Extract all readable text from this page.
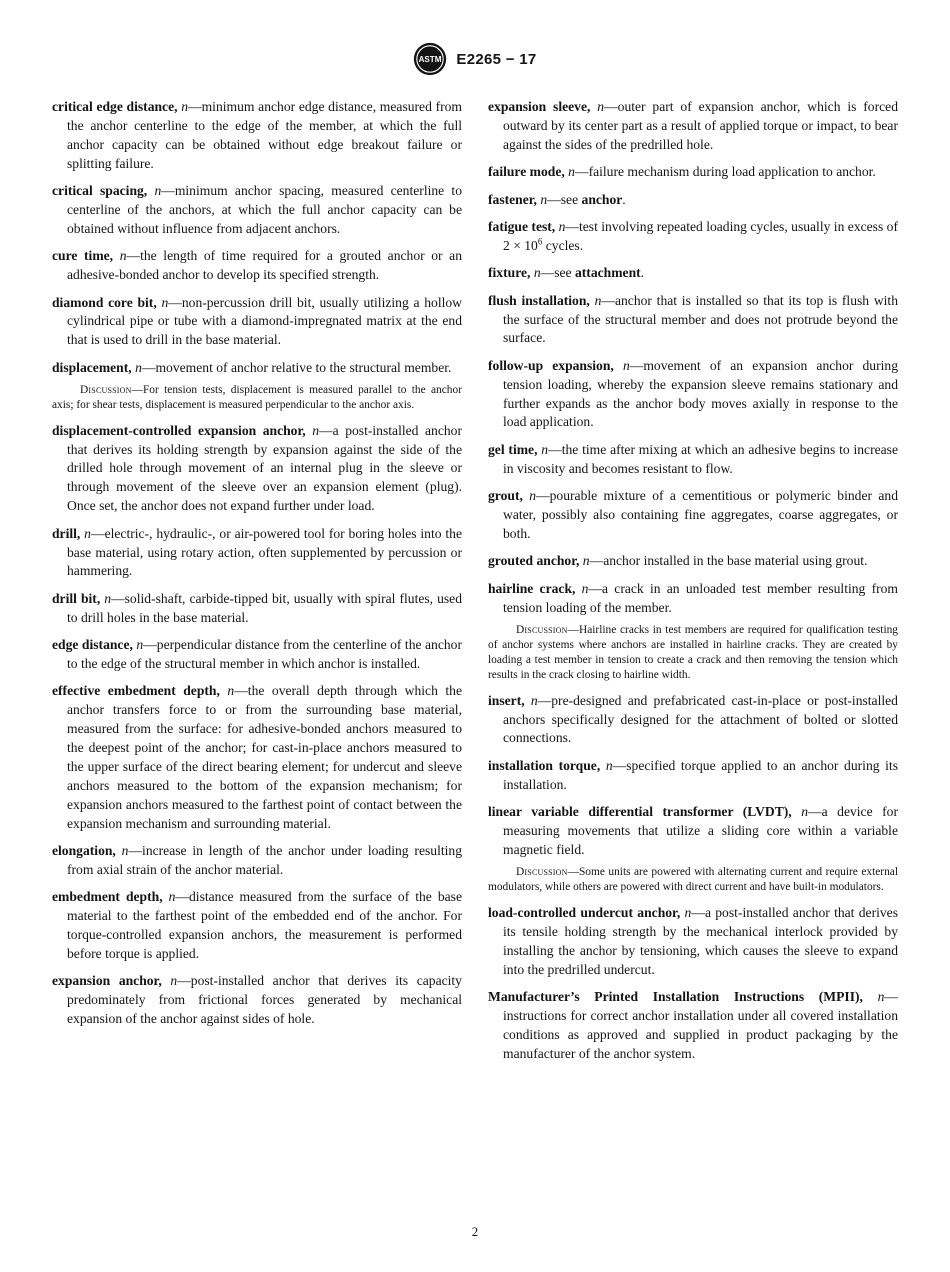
ASTM E2265 − 17

critical edge distance, n—minimum anchor edge distance, measured from the anchor centerline to the edge of the member, at which the full anchor capacity can be obtained without edge breakout failure or splitting failure.

critical spacing, n—minimum anchor spacing, measured centerline to centerline of the anchors, at which the full anchor capacity can be obtained without influence from adjacent anchors.

cure time, n—the length of time required for a grouted anchor or an adhesive-bonded anchor to develop its specified strength.

diamond core bit, n—non-percussion drill bit, usually utilizing a hollow cylindrical pipe or tube with a diamond-impregnated matrix at the end that is used to drill in the base material.

displacement, n—movement of anchor relative to the structural member.

Discussion—For tension tests, displacement is measured parallel to the anchor axis; for shear tests, displacement is measured perpendicular to the anchor axis.

displacement-controlled expansion anchor, n—a post-installed anchor that derives its holding strength by expansion against the side of the drilled hole through movement of an internal plug in the sleeve or through movement of the sleeve over an expansion element (plug). Once set, the anchor does not expand further under load.

drill, n—electric-, hydraulic-, or air-powered tool for boring holes into the base material, using rotary action, often supplemented by percussion or hammering.

drill bit, n—solid-shaft, carbide-tipped bit, usually with spiral flutes, used to drill holes in the base material.

edge distance, n—perpendicular distance from the centerline of the anchor to the edge of the structural member in which anchor is installed.

effective embedment depth, n—the overall depth through which the anchor transfers force to or from the surrounding base material, measured from the surface: for adhesive-bonded anchors measured to the deepest point of the anchor; for cast-in-place anchors measured to the upper surface of the direct bearing element; for undercut and sleeve anchors measured to the bottom of the expansion mechanism; for expansion anchors measured to the farthest point of contact between the expansion mechanism and surrounding material.

elongation, n—increase in length of the anchor under loading resulting from axial strain of the anchor material.

embedment depth, n—distance measured from the surface of the base material to the farthest point of the embedded end of the anchor. For torque-controlled expansion anchors, the measurement is performed before torque is applied.

expansion anchor, n—post-installed anchor that derives its capacity predominately from frictional forces generated by mechanical expansion of the anchor against sides of hole.

expansion sleeve, n—outer part of expansion anchor, which is forced outward by its center part as a result of applied torque or impact, to bear against the sides of the predrilled hole.

failure mode, n—failure mechanism during load application to anchor.

fastener, n—see anchor.

fatigue test, n—test involving repeated loading cycles, usually in excess of $2 \times 10^6$ cycles.

fixture, n—see attachment.

flush installation, n—anchor that is installed so that its top is flush with the surface of the structural member and does not protrude beyond the surface.

follow-up expansion, n—movement of an expansion anchor during tension loading, whereby the expansion sleeve remains stationary and further expands as the anchor body moves axially in response to the load application.

gel time, n—the time after mixing at which an adhesive begins to increase in viscosity and becomes resistant to flow.

grout, n—pourable mixture of a cementitious or polymeric binder and water, possibly also containing fine aggregates, coarse aggregates, or both.

grouted anchor, n—anchor installed in the base material using grout.

hairline crack, n—a crack in an unloaded test member resulting from tension loading of the member.

Discussion—Hairline cracks in test members are required for qualification testing of anchor systems where anchors are installed in hairline cracks. They are created by loading a test member in tension to create a crack and then removing the tension which results in the crack closing to hairline width.

insert, n—pre-designed and prefabricated cast-in-place or post-installed anchors specifically designed for the attachment of bolted or slotted connections.

installation torque, n—specified torque applied to an anchor during its installation.

linear variable differential transformer (LVDT), n—a device for measuring movements that utilize a sliding core within a variable magnetic field.

Discussion—Some units are powered with alternating current and require external modulators, while others are powered with direct current and have built-in modulators.

load-controlled undercut anchor, n—a post-installed anchor that derives its tensile holding strength by the mechanical interlock provided by installing the anchor by tensioning, which causes the sleeve to expand into the predrilled undercut.

Manufacturer’s Printed Installation Instructions (MPII), n—instructions for correct anchor installation under all covered installation conditions as approved and supplied in product packaging by the manufacturer of the anchor system.

2
